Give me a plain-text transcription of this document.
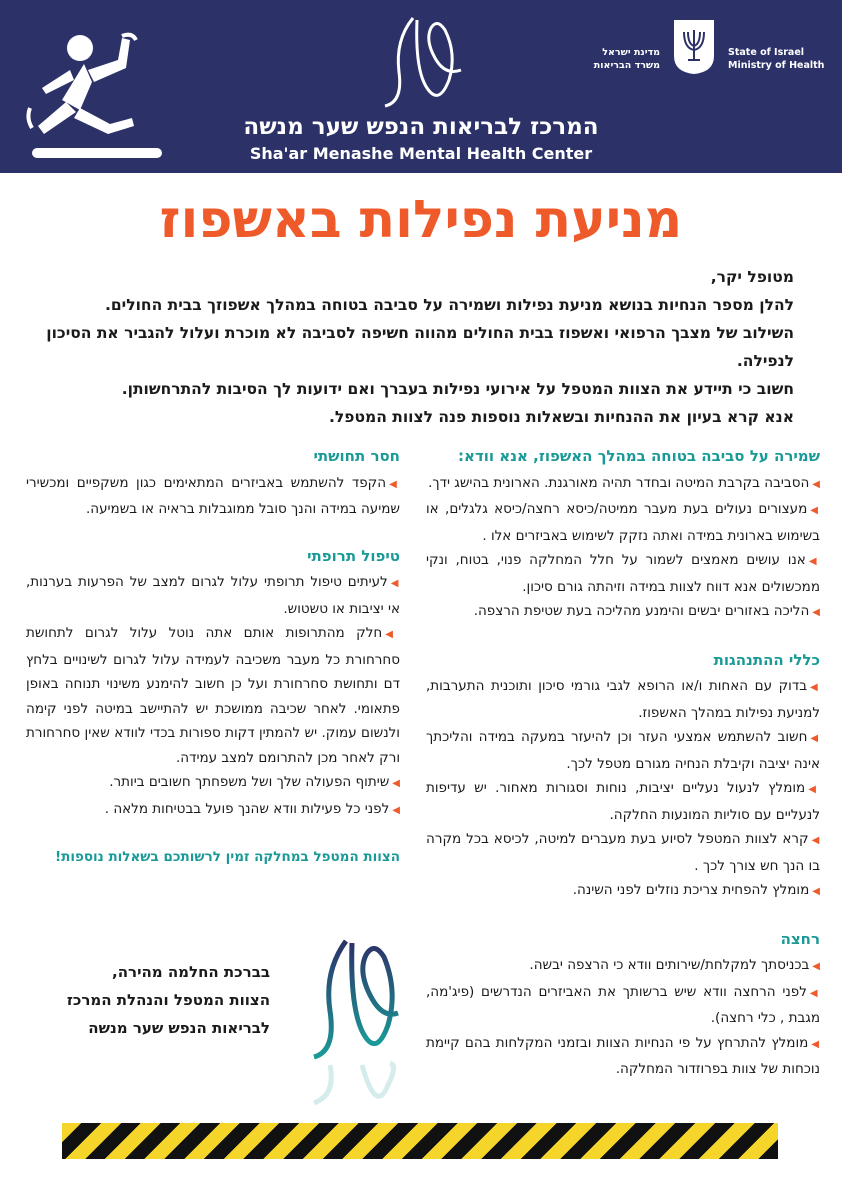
המרכז לבריאות הנפש שער מנשה
Sha'ar Menashe Mental Health Center
מדינת ישראל
משרד הבריאות
State of Israel
Ministry of Health
מניעת נפילות באשפוז

מטופל יקר,

להלן מספר הנחיות בנושא מניעת נפילות ושמירה על סביבה בטוחה במהלך אשפוזך בבית החולים.

השילוב של מצבך הרפואי ואשפוז בבית החולים מהווה חשיפה לסביבה לא מוכרת ועלול להגביר את הסיכון לנפילה.

חשוב כי תיידע את הצוות המטפל על אירועי נפילות בעברך ואם ידועות לך הסיבות להתרחשותן.

אנא קרא בעיון את ההנחיות ובשאלות נוספות פנה לצוות המטפל.

שמירה על סביבה בטוחה במהלך האשפוז, אנא וודא:

◀הסביבה בקרבת המיטה ובחדר תהיה מאורגנת. הארונית בהישג ידך.

◀מעצורים נעולים בעת מעבר ממיטה/כיסא רחצה/כיסא גלגלים, או בשימוש בארונית במידה ואתה נזקק לשימוש באביזרים אלו .

◀אנו עושים מאמצים לשמור על חלל המחלקה פנוי, בטוח, ונקי ממכשולים אנא דווח לצוות במידה וזיהתה גורם סיכון.

◀הליכה באזורים יבשים והימנע מהליכה בעת שטיפת הרצפה.

כללי ההתנהגות

◀בדוק עם האחות ו/או הרופא לגבי גורמי סיכון ותוכנית התערבות, למניעת נפילות במהלך האשפוז.

◀חשוב להשתמש אמצעי העזר וכן להיעזר במעקה במידה והליכתך אינה יציבה וקיבלת הנחיה מגורם מטפל לכך.

◀מומלץ לנעול נעליים יציבות, נוחות וסגורות מאחור. יש עדיפות לנעליים עם סוליות המונעות החלקה.

◀קרא לצוות המטפל לסיוע בעת מעברים למיטה, לכיסא בכל מקרה בו הנך חש צורך לכך .

◀מומלץ להפחית צריכת נוזלים לפני השינה.

רחצה

◀בכניסתך למקלחת/שירותים וודא כי הרצפה יבשה.

◀לפני הרחצה וודא שיש ברשותך את האביזרים הנדרשים (פיג'מה, מגבת , כלי רחצה).

◀מומלץ להתרחץ על פי הנחיות הצוות ובזמני המקלחות בהם קיימת נוכחות של צוות בפרוזדור המחלקה.

חסר תחושתי

◀הקפד להשתמש באביזרים המתאימים כגון משקפיים ומכשירי שמיעה במידה והנך סובל ממוגבלות בראיה או בשמיעה.

טיפול תרופתי

◀לעיתים טיפול תרופתי עלול לגרום למצב של הפרעות בערנות, אי יציבות או טשטוש.

◀חלק מהתרופות אותם אתה נוטל עלול לגרום לתחושת סחרחורת כל מעבר משכיבה לעמידה עלול לגרום לשינויים בלחץ דם ותחושת סחרחורת ועל כן חשוב להימנע משינוי תנוחה באופן פתאומי. לאחר שכיבה ממושכת יש להתיישב במיטה לפני קימה ולנשום עמוק. יש להמתין דקות ספורות בכדי לוודא שאין סחרחורת ורק לאחר מכן להתרומם למצב עמידה.

◀שיתוף הפעולה שלך ושל משפחתך חשובים ביותר.

◀לפני כל פעילות וודא שהנך פועל בבטיחות מלאה .

הצוות המטפל במחלקה זמין לרשותכם בשאלות נוספות!

בברכת החלמה מהירה,

הצוות המטפל והנהלת המרכז

לבריאות הנפש שער מנשה
